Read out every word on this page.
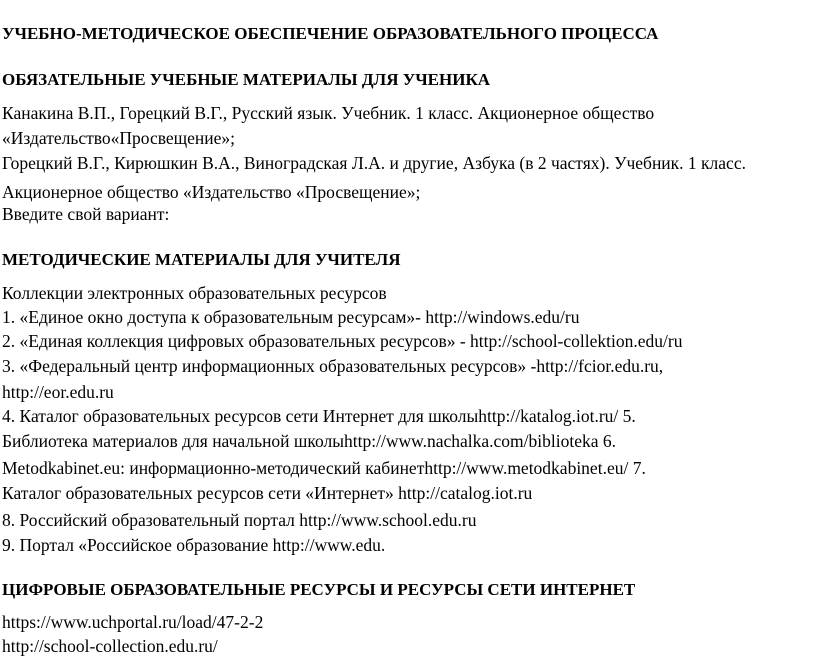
УЧЕБНО-МЕТОДИЧЕСКОЕ ОБЕСПЕЧЕНИЕ ОБРАЗОВАТЕЛЬНОГО ПРОЦЕССА
ОБЯЗАТЕЛЬНЫЕ УЧЕБНЫЕ МАТЕРИАЛЫ ДЛЯ УЧЕНИКА
Канакина В.П., Горецкий В.Г., Русский язык. Учебник. 1 класс. Акционерное общество
«Издательство«Просвещение»;
Горецкий В.Г., Кирюшкин В.А., Виноградская Л.А. и другие, Азбука (в 2 частях). Учебник. 1 класс.
Акционерное общество «Издательство «Просвещение»;
Введите свой вариант:
МЕТОДИЧЕСКИЕ МАТЕРИАЛЫ ДЛЯ УЧИТЕЛЯ
Коллекции электронных образовательных ресурсов
1. «Единое окно доступа к образовательным ресурсам»- http://windows.edu/ru
2. «Единая коллекция цифровых образовательных ресурсов» - http://school-collektion.edu/ru
3. «Федеральный центр информационных образовательных ресурсов» -http://fcior.edu.ru,
http://eor.edu.ru
4. Каталог образовательных ресурсов сети Интернет для школыhttp://katalog.iot.ru/ 5.
Библиотека материалов для начальной школыhttp://www.nachalka.com/biblioteka 6.
Metodkabinet.eu: информационно-методический кабинетhttp://www.metodkabinet.eu/ 7.
Каталог образовательных ресурсов сети «Интернет» http://catalog.iot.ru
8. Российский образовательный портал http://www.school.edu.ru
9. Портал «Российское образование http://www.edu.
ЦИФРОВЫЕ ОБРАЗОВАТЕЛЬНЫЕ РЕСУРСЫ И РЕСУРСЫ СЕТИ ИНТЕРНЕТ
https://www.uchportal.ru/load/47-2-2
http://school-collection.edu.ru/
